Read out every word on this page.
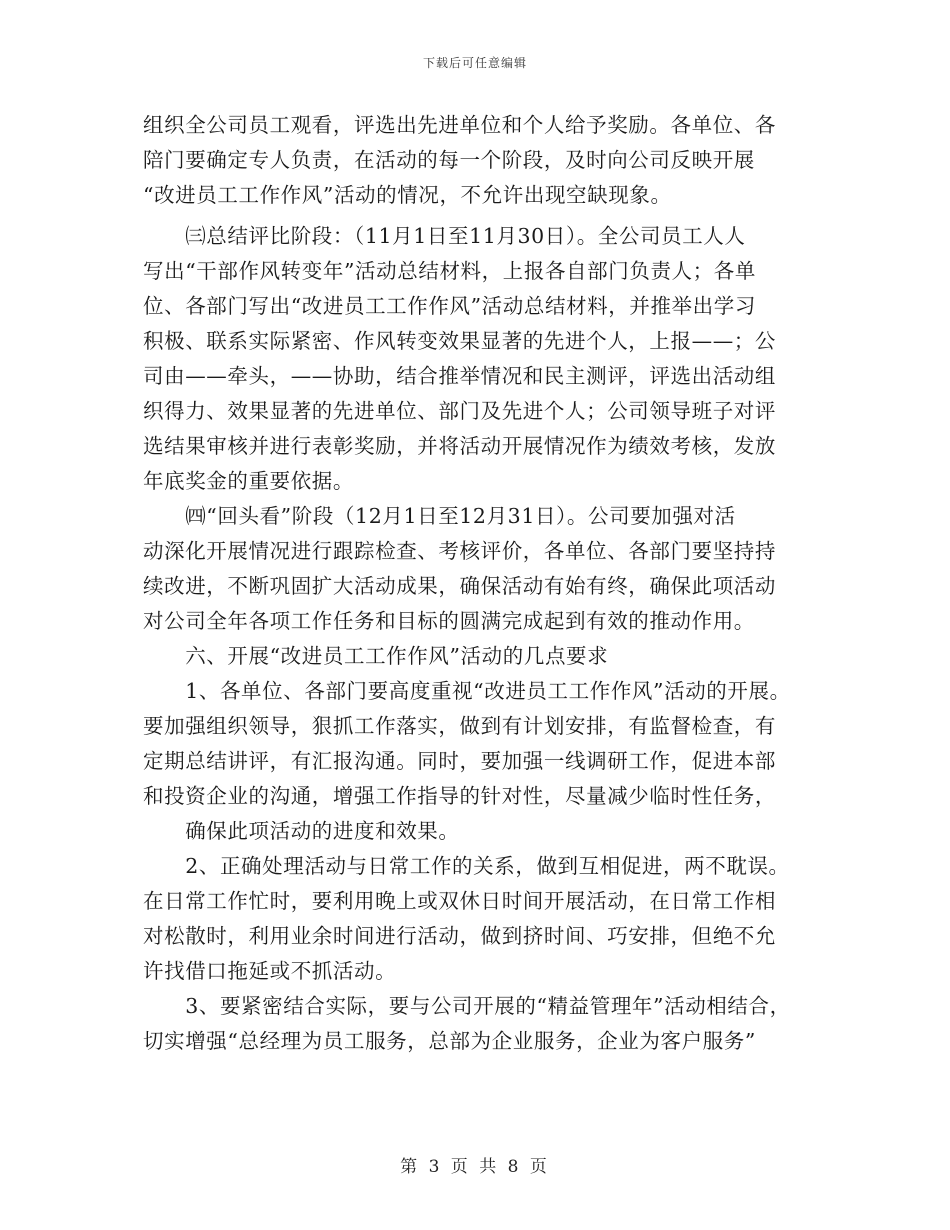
下载后可任意编辑
组织全公司员工观看，评选出先进单位和个人给予奖励。各单位、各
陪门要确定专人负责，在活动的每一个阶段，及时向公司反映开展
“改进员工工作作风”活动的情况，不允许出现空缺现象。
　　㈢总结评比阶段：（11月1日至11月30日）。全公司员工人人
写出“干部作风转变年”活动总结材料，上报各自部门负责人；各单
位、各部门写出“改进员工工作作风”活动总结材料，并推举出学习
积极、联系实际紧密、作风转变效果显著的先进个人，上报——；公
司由——牵头，——协助，结合推举情况和民主测评，评选出活动组
织得力、效果显著的先进单位、部门及先进个人；公司领导班子对评
选结果审核并进行表彰奖励，并将活动开展情况作为绩效考核，发放
年底奖金的重要依据。
　　㈣“回头看”阶段（12月1日至12月31日）。公司要加强对活
动深化开展情况进行跟踪检查、考核评价，各单位、各部门要坚持持
续改进，不断巩固扩大活动成果，确保活动有始有终，确保此项活动
对公司全年各项工作任务和目标的圆满完成起到有效的推动作用。
　　六、开展“改进员工工作作风”活动的几点要求
　　1、各单位、各部门要高度重视“改进员工工作作风”活动的开展。
要加强组织领导，狠抓工作落实，做到有计划安排，有监督检查，有
定期总结讲评，有汇报沟通。同时，要加强一线调研工作，促进本部
和投资企业的沟通，增强工作指导的针对性，尽量减少临时性任务，
　　确保此项活动的进度和效果。
　　2、正确处理活动与日常工作的关系，做到互相促进，两不耽误。
在日常工作忙时，要利用晚上或双休日时间开展活动，在日常工作相
对松散时，利用业余时间进行活动，做到挤时间、巧安排，但绝不允
许找借口拖延或不抓活动。
　　3、要紧密结合实际，要与公司开展的“精益管理年”活动相结合，
切实增强“总经理为员工服务，总部为企业服务，企业为客户服务”
第 3 页 共 8 页
